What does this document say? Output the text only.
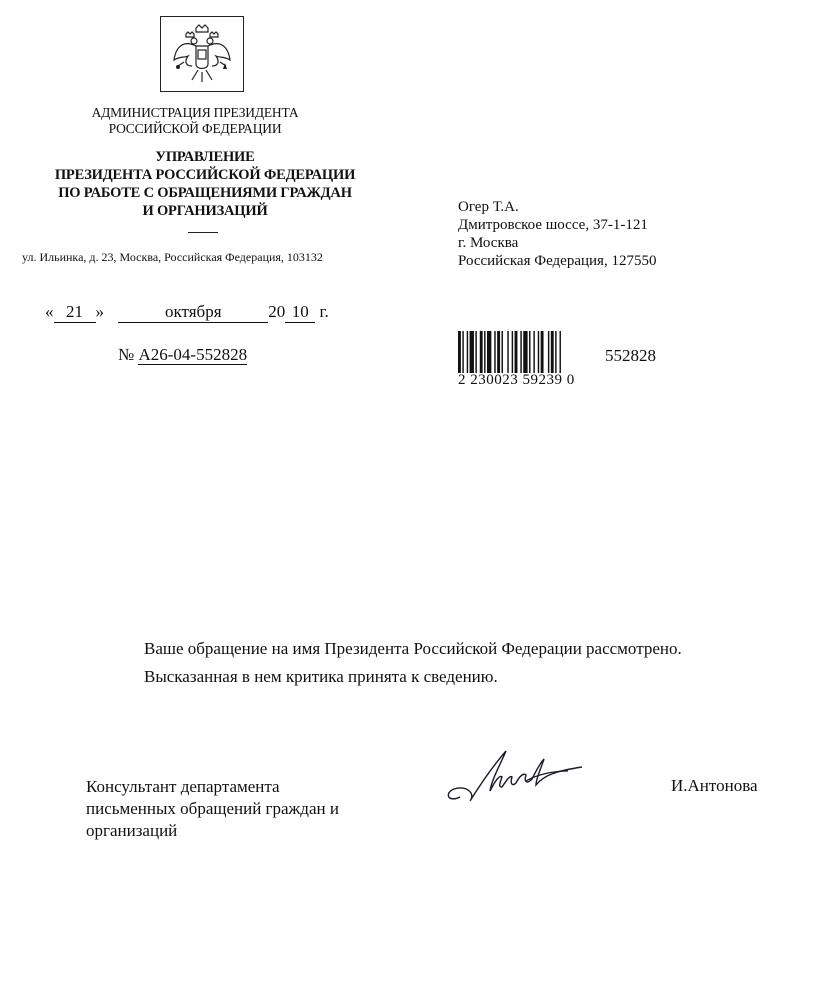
АДМИНИСТРАЦИЯ ПРЕЗИДЕНТА
РОССИЙСКОЙ ФЕДЕРАЦИИ
УПРАВЛЕНИЕ
ПРЕЗИДЕНТА РОССИЙСКОЙ ФЕДЕРАЦИИ
ПО РАБОТЕ С ОБРАЩЕНИЯМИ ГРАЖДАН
И ОРГАНИЗАЦИЙ
ул. Ильинка, д. 23, Москва, Российская Федерация, 103132
Огер Т.А.
Дмитровское шоссе, 37-1-121
г. Москва
Российская Федерация, 127550
« 21 »	октября	20 10 г.
№ А26-04-552828
2 230023 59239 0
552828

Ваше обращение на имя Президента Российской Федерации рассмотрено.

Высказанная в нем критика принята к сведению.

Консультант департамента
письменных обращений граждан и
организаций
И.Антонова
